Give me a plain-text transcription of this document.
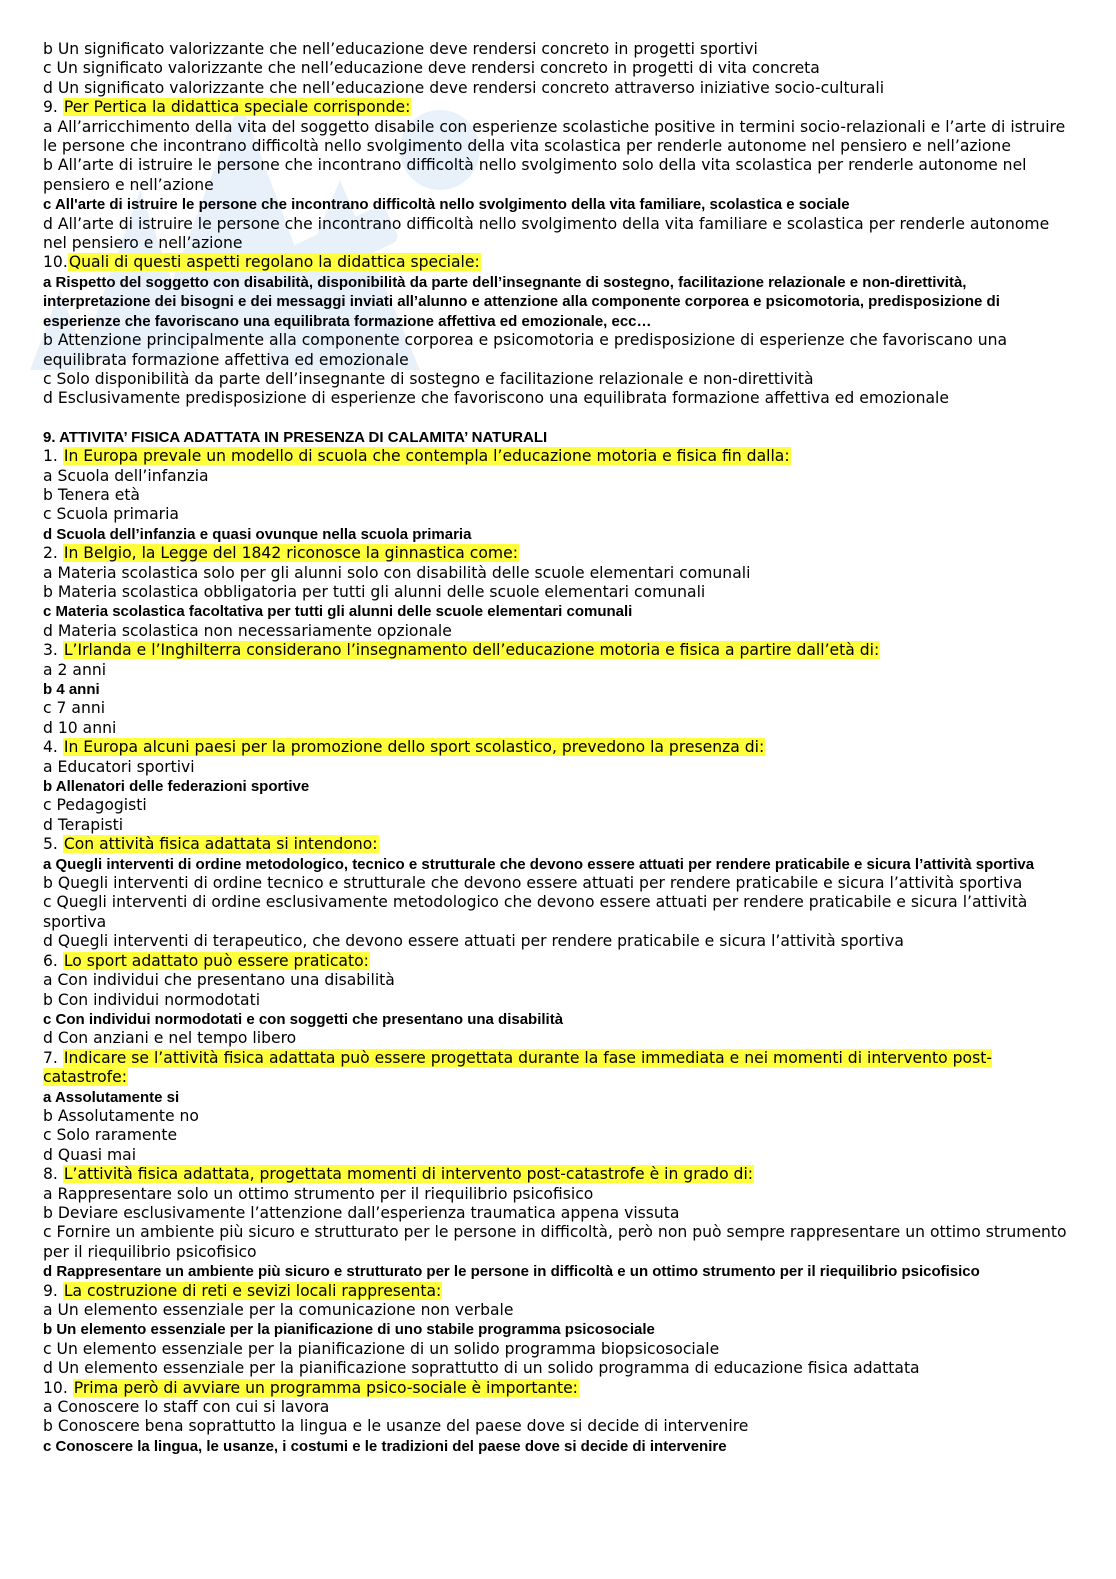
b Un significato valorizzante che nell’educazione deve rendersi concreto in progetti sportivi

c Un significato valorizzante che nell’educazione deve rendersi concreto in progetti di vita concreta

d Un significato valorizzante che nell’educazione deve rendersi concreto attraverso iniziative socio-culturali

9. Per Pertica la didattica speciale corrisponde:

a All’arricchimento della vita del soggetto disabile con esperienze scolastiche positive in termini socio-relazionali e l’arte di istruire le persone che incontrano difficoltà nello svolgimento della vita scolastica per renderle autonome nel pensiero e nell’azione

b All’arte di istruire le persone che incontrano difficoltà nello svolgimento solo della vita scolastica per renderle autonome nel pensiero e nell’azione

c All'arte di istruire le persone che incontrano difficoltà nello svolgimento della vita familiare, scolastica e sociale

d All’arte di istruire le persone che incontrano difficoltà nello svolgimento della vita familiare e scolastica per renderle autonome nel pensiero e nell’azione

10.Quali di questi aspetti regolano la didattica speciale:

a Rispetto del soggetto con disabilità, disponibilità da parte dell’insegnante di sostegno, facilitazione relazionale e non-direttività, interpretazione dei bisogni e dei messaggi inviati all’alunno e attenzione alla componente corporea e psicomotoria, predisposizione di esperienze che favoriscano una equilibrata formazione affettiva ed emozionale, ecc…

b Attenzione principalmente alla componente corporea e psicomotoria e predisposizione di esperienze che favoriscano una equilibrata formazione affettiva ed emozionale

c Solo disponibilità da parte dell’insegnante di sostegno e facilitazione relazionale e non-direttività

d Esclusivamente predisposizione di esperienze che favoriscono una equilibrata formazione affettiva ed emozionale

9. ATTIVITA’ FISICA ADATTATA IN PRESENZA DI CALAMITA’ NATURALI

1. In Europa prevale un modello di scuola che contempla l’educazione motoria e fisica fin dalla:

a Scuola dell’infanzia

b Tenera età

c Scuola primaria

d Scuola dell’infanzia e quasi ovunque nella scuola primaria

2. In Belgio, la Legge del 1842 riconosce la ginnastica come:

a Materia scolastica solo per gli alunni solo con disabilità delle scuole elementari comunali

b Materia scolastica obbligatoria per tutti gli alunni delle scuole elementari comunali

c Materia scolastica facoltativa per tutti gli alunni delle scuole elementari comunali

d Materia scolastica non necessariamente opzionale

3. L’Irlanda e l’Inghilterra considerano l’insegnamento dell’educazione motoria e fisica a partire dall’età di:

a 2 anni

b 4 anni

c 7 anni

d 10 anni

4. In Europa alcuni paesi per la promozione dello sport scolastico, prevedono la presenza di:

a Educatori sportivi

b Allenatori delle federazioni sportive

c Pedagogisti

d Terapisti

5. Con attività fisica adattata si intendono:

a Quegli interventi di ordine metodologico, tecnico e strutturale che devono essere attuati per rendere praticabile e sicura l’attività sportiva

b Quegli interventi di ordine tecnico e strutturale che devono essere attuati per rendere praticabile e sicura l’attività sportiva

c Quegli interventi di ordine esclusivamente metodologico che devono essere attuati per rendere praticabile e sicura l’attività sportiva

d Quegli interventi di terapeutico, che devono essere attuati per rendere praticabile e sicura l’attività sportiva

6. Lo sport adattato può essere praticato:

a Con individui che presentano una disabilità

b Con individui normodotati

c Con individui normodotati e con soggetti che presentano una disabilità

d Con anziani e nel tempo libero

7. Indicare se l’attività fisica adattata può essere progettata durante la fase immediata e nei momenti di intervento post-catastrofe:

a Assolutamente si

b Assolutamente no

c Solo raramente

d Quasi mai

8. L’attività fisica adattata, progettata momenti di intervento post-catastrofe è in grado di:

a Rappresentare solo un ottimo strumento per il riequilibrio psicofisico

b Deviare esclusivamente l’attenzione dall’esperienza traumatica appena vissuta

c Fornire un ambiente più sicuro e strutturato per le persone in difficoltà, però non può sempre rappresentare un ottimo strumento per il riequilibrio psicofisico

d Rappresentare un ambiente più sicuro e strutturato per le persone in difficoltà e un ottimo strumento per il riequilibrio psicofisico

9. La costruzione di reti e sevizi locali rappresenta:

a Un elemento essenziale per la comunicazione non verbale

b Un elemento essenziale per la pianificazione di uno stabile programma psicosociale

c Un elemento essenziale per la pianificazione di un solido programma biopsicosociale

d Un elemento essenziale per la pianificazione soprattutto di un solido programma di educazione fisica adattata

10. Prima però di avviare un programma psico-sociale è importante:

a Conoscere lo staff con cui si lavora

b Conoscere bena soprattutto la lingua e le usanze del paese dove si decide di intervenire

c Conoscere la lingua, le usanze, i costumi e le tradizioni del paese dove si decide di intervenire
